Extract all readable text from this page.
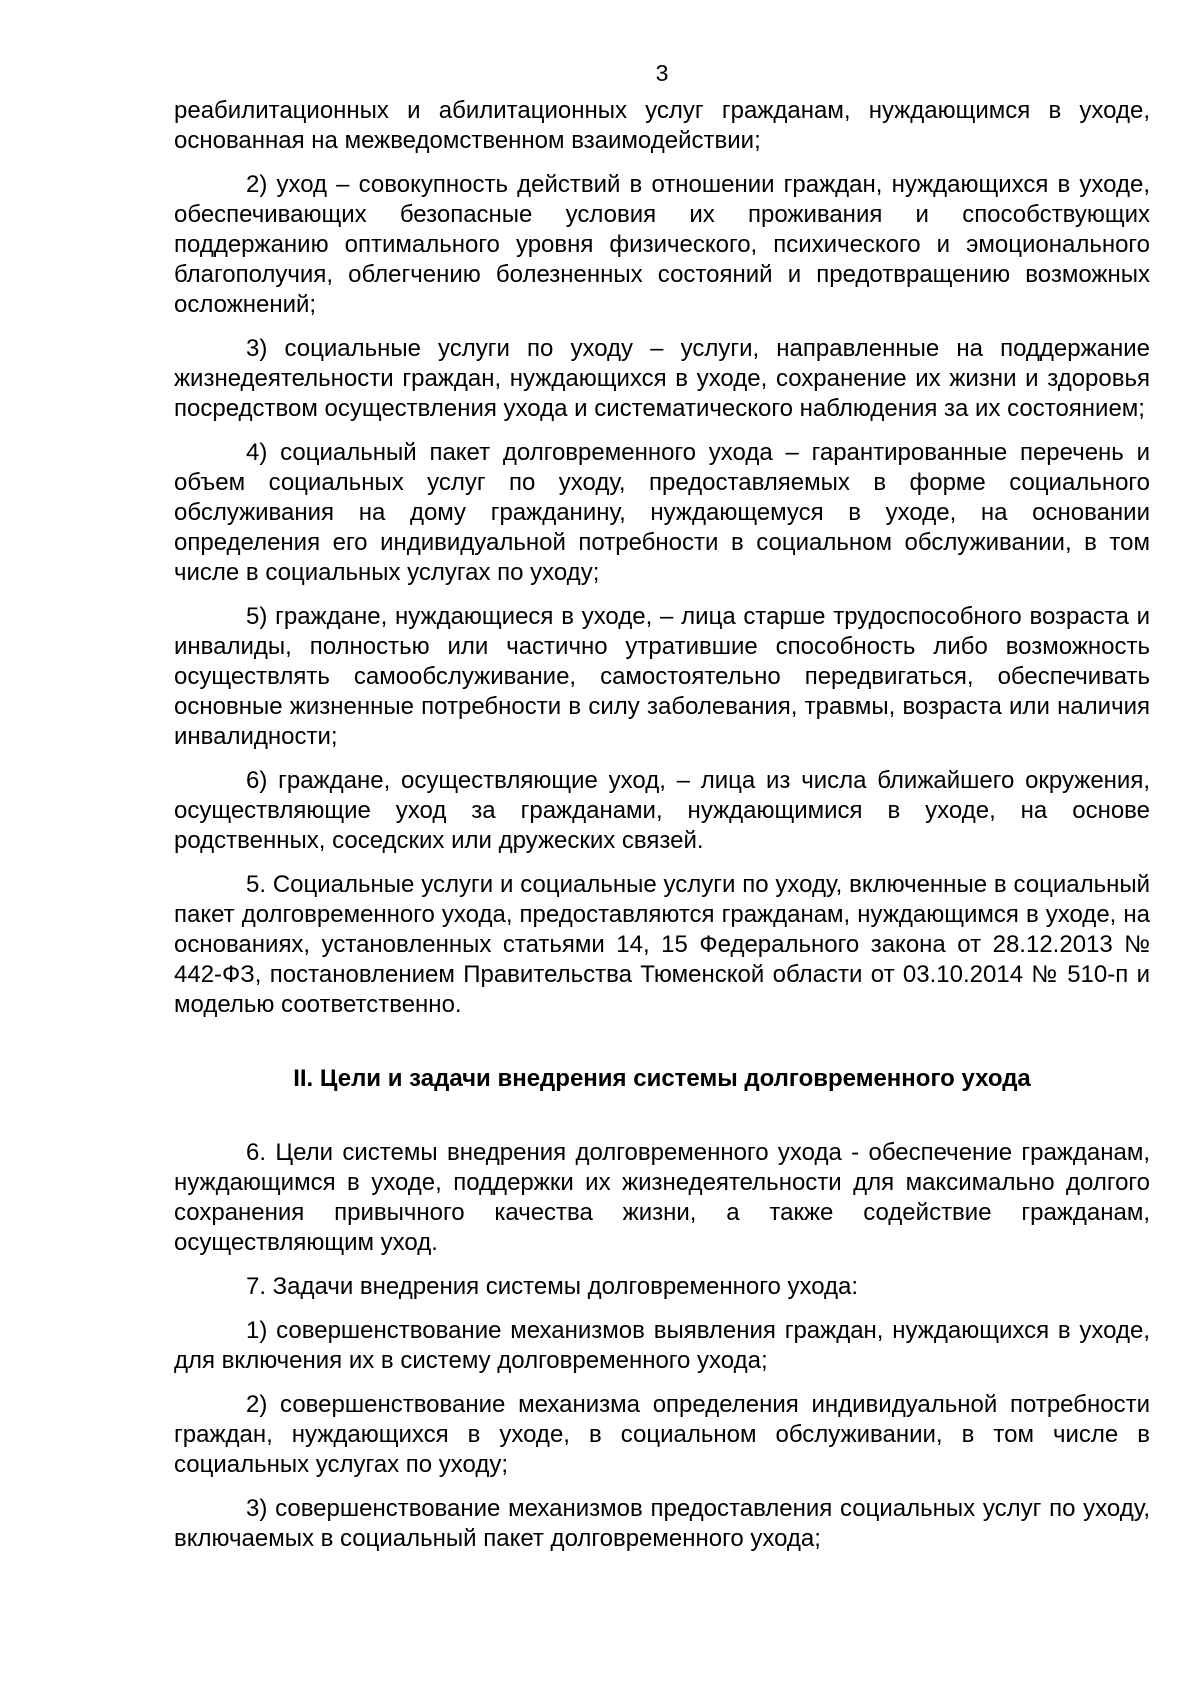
3

реабилитационных и абилитационных услуг гражданам, нуждающимся в уходе, основанная на межведомственном взаимодействии;

2) уход – совокупность действий в отношении граждан, нуждающихся в уходе, обеспечивающих безопасные условия их проживания и способствующих поддержанию оптимального уровня физического, психического и эмоционального благополучия, облегчению болезненных состояний и предотвращению возможных осложнений;

3) социальные услуги по уходу – услуги, направленные на поддержание жизнедеятельности граждан, нуждающихся в уходе, сохранение их жизни и здоровья посредством осуществления ухода и систематического наблюдения за их состоянием;

4) социальный пакет долговременного ухода – гарантированные перечень и объем социальных услуг по уходу, предоставляемых в форме социального обслуживания на дому гражданину, нуждающемуся в уходе, на основании определения его индивидуальной потребности в социальном обслуживании, в том числе в социальных услугах по уходу;

5) граждане, нуждающиеся в уходе, – лица старше трудоспособного возраста и инвалиды, полностью или частично утратившие способность либо возможность осуществлять самообслуживание, самостоятельно передвигаться, обеспечивать основные жизненные потребности в силу заболевания, травмы, возраста или наличия инвалидности;

6) граждане, осуществляющие уход, – лица из числа ближайшего окружения, осуществляющие уход за гражданами, нуждающимися в уходе, на основе родственных, соседских или дружеских связей.

5. Социальные услуги и социальные услуги по уходу, включенные в социальный пакет долговременного ухода, предоставляются гражданам, нуждающимся в уходе, на основаниях, установленных статьями 14, 15 Федерального закона от 28.12.2013 № 442-ФЗ, постановлением Правительства Тюменской области от 03.10.2014 № 510-п и моделью соответственно.

II. Цели и задачи внедрения системы долговременного ухода

6. Цели системы внедрения долговременного ухода - обеспечение гражданам, нуждающимся в уходе, поддержки их жизнедеятельности для максимально долгого сохранения привычного качества жизни, а также содействие гражданам, осуществляющим уход.

7. Задачи внедрения системы долговременного ухода:

1) совершенствование механизмов выявления граждан, нуждающихся в уходе, для включения их в систему долговременного ухода;

2) совершенствование механизма определения индивидуальной потребности граждан, нуждающихся в уходе, в социальном обслуживании, в том числе в социальных услугах по уходу;

3) совершенствование механизмов предоставления социальных услуг по уходу, включаемых в социальный пакет долговременного ухода;
